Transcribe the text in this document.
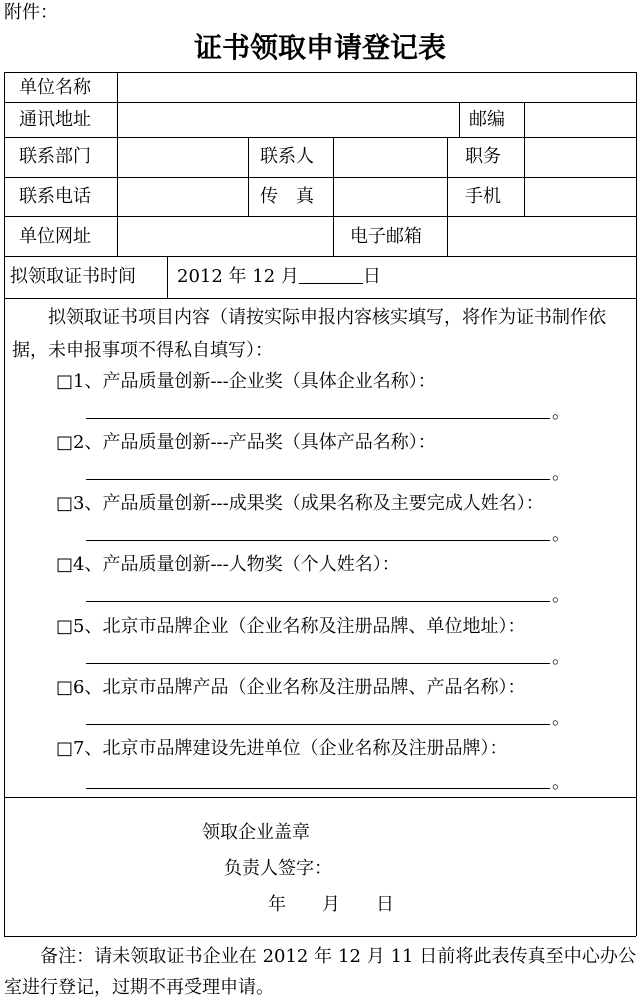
附件：
证书领取申请登记表
单位名称
通讯地址	邮编
联系部门	联系人	职务
联系电话	传　真	手机
单位网址	电子邮箱
拟领取证书时间 2012 年 12 月	日
拟领取证书项目内容（请按实际申报内容核实填写，将作为证书制作依据，未申报事项不得私自填写）：
□1、产品质量创新---企业奖（具体企业名称）：
。
□2、产品质量创新---产品奖（具体产品名称）：
。
□3、产品质量创新---成果奖（成果名称及主要完成人姓名）：
。
□4、产品质量创新---人物奖（个人姓名）：
。
□5、北京市品牌企业（企业名称及注册品牌、单位地址）：
。
□6、北京市品牌产品（企业名称及注册品牌、产品名称）：
。
□7、北京市品牌建设先进单位（企业名称及注册品牌）：
。
领取企业盖章
负责人签字：
年　　月　　日
备注：请未领取证书企业在 2012 年 12 月 11 日前将此表传真至中心办公室进行登记，过期不再受理申请。
